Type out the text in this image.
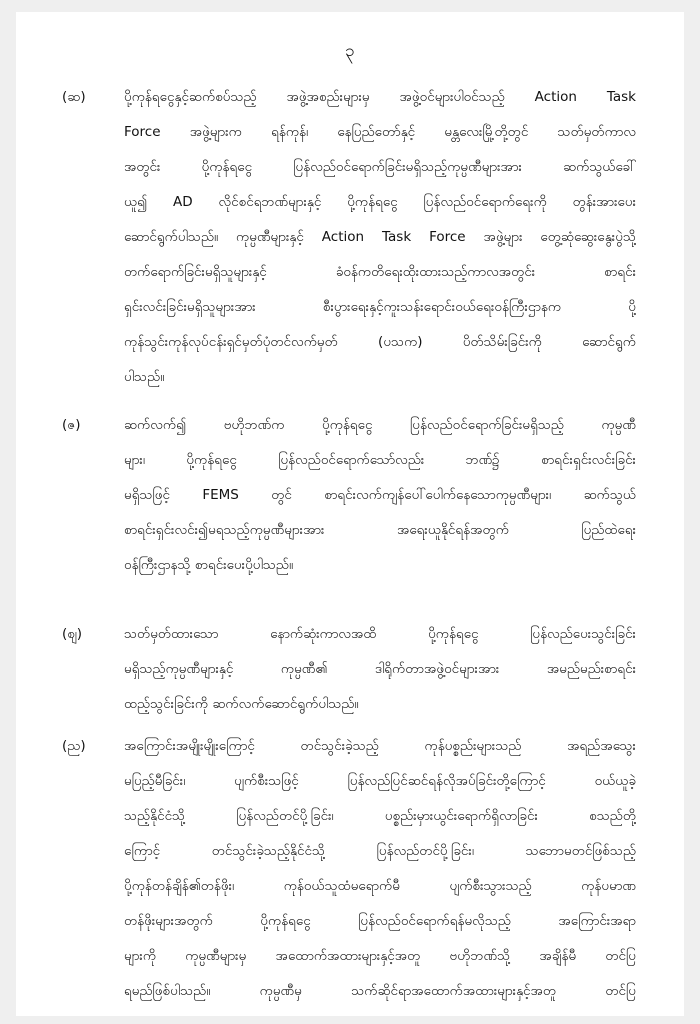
၃
(ဆ)	ပို့ကုန်ရငွေနှင့်ဆက်စပ်သည့် အဖွဲ့အစည်းများမှ အဖွဲ့ဝင်များပါဝင်သည့် Action Task
Force အဖွဲ့များက ရန်ကုန်၊ နေပြည်တော်နှင့် မန္တလေးမြို့တို့တွင် သတ်မှတ်ကာလ
အတွင်း ပို့ကုန်ရငွေ ပြန်လည်ဝင်ရောက်ခြင်းမရှိသည့်ကုမ္ပဏီများအား ဆက်သွယ်ခေါ်
ယူ၍ AD လိုင်စင်ရဘဏ်များနှင့် ပို့ကုန်ရငွေ ပြန်လည်ဝင်ရောက်ရေးကို တွန်းအားပေး
ဆောင်ရွက်ပါသည်။ ကုမ္ပဏီများနှင့် Action Task Force အဖွဲ့များ တွေ့ဆုံဆွေးနွေးပွဲသို့
တက်ရောက်ခြင်းမရှိသူများနှင့် ခံဝန်ကတိရေးထိုးထားသည့်ကာလအတွင်း စာရင်း
ရှင်းလင်းခြင်းမရှိသူများအား စီးပွားရေးနှင့်ကူးသန်းရောင်းဝယ်ရေးဝန်ကြီးဌာနက ပို့
ကုန်သွင်းကုန်လုပ်ငန်းရှင်မှတ်ပုံတင်လက်မှတ် (ပသက) ပိတ်သိမ်းခြင်းကို ဆောင်ရွက်
ပါသည်။
(ဇ)	ဆက်လက်၍ ဗဟိုဘဏ်က ပို့ကုန်ရငွေ ပြန်လည်ဝင်ရောက်ခြင်းမရှိသည့် ကုမ္ပဏီ
များ၊ ပို့ကုန်ရငွေ ပြန်လည်ဝင်ရောက်သော်လည်း ဘဏ်၌ စာရင်းရှင်းလင်းခြင်း
မရှိသဖြင့် FEMS တွင် စာရင်းလက်ကျန်ပေါ်ပေါက်နေသောကုမ္ပဏီများ၊ ဆက်သွယ်
စာရင်းရှင်းလင်း၍မရသည့်ကုမ္ပဏီများအား အရေးယူနိုင်ရန်အတွက် ပြည်ထဲရေး
ဝန်ကြီးဌာနသို့ စာရင်းပေးပို့ပါသည်။
(ဈ)	သတ်မှတ်ထားသော နောက်ဆုံးကာလအထိ ပို့ကုန်ရငွေ ပြန်လည်ပေးသွင်းခြင်း
မရှိသည့်ကုမ္ပဏီများနှင့် ကုမ္ပဏီ၏ ဒါရိုက်တာအဖွဲ့ဝင်များအား အမည်မည်းစာရင်း
ထည့်သွင်းခြင်းကို ဆက်လက်ဆောင်ရွက်ပါသည်။
(ည)	အကြောင်းအမျိုးမျိုးကြောင့် တင်သွင်းခဲ့သည့် ကုန်ပစ္စည်းများသည် အရည်အသွေး
မပြည့်မီခြင်း၊ ပျက်စီးသဖြင့် ပြန်လည်ပြင်ဆင်ရန်လိုအပ်ခြင်းတို့ကြောင့် ဝယ်ယူခဲ့
သည့်နိုင်ငံသို့ ပြန်လည်တင်ပို့ခြင်း၊ ပစ္စည်းမှားယွင်းရောက်ရှိလာခြင်း စသည်တို့
ကြောင့် တင်သွင်းခဲ့သည့်နိုင်ငံသို့ ပြန်လည်တင်ပို့ခြင်း၊ သဘောမတင်ဖြစ်သည့်
ပို့ကုန်တန်ချိန်၏တန်ဖိုး၊ ကုန်ဝယ်သူထံမရောက်မီ ပျက်စီးသွားသည့် ကုန်ပမာဏ
တန်ဖိုးများအတွက် ပို့ကုန်ရငွေ ပြန်လည်ဝင်ရောက်ရန်မလိုသည့် အကြောင်းအရာ
များကို ကုမ္ပဏီများမှ အထောက်အထားများနှင့်အတူ ဗဟိုဘဏ်သို့ အချိန်မီ တင်ပြ
ရမည်ဖြစ်ပါသည်။ ကုမ္ပဏီမှ သက်ဆိုင်ရာအထောက်အထားများနှင့်အတူ တင်ပြ
